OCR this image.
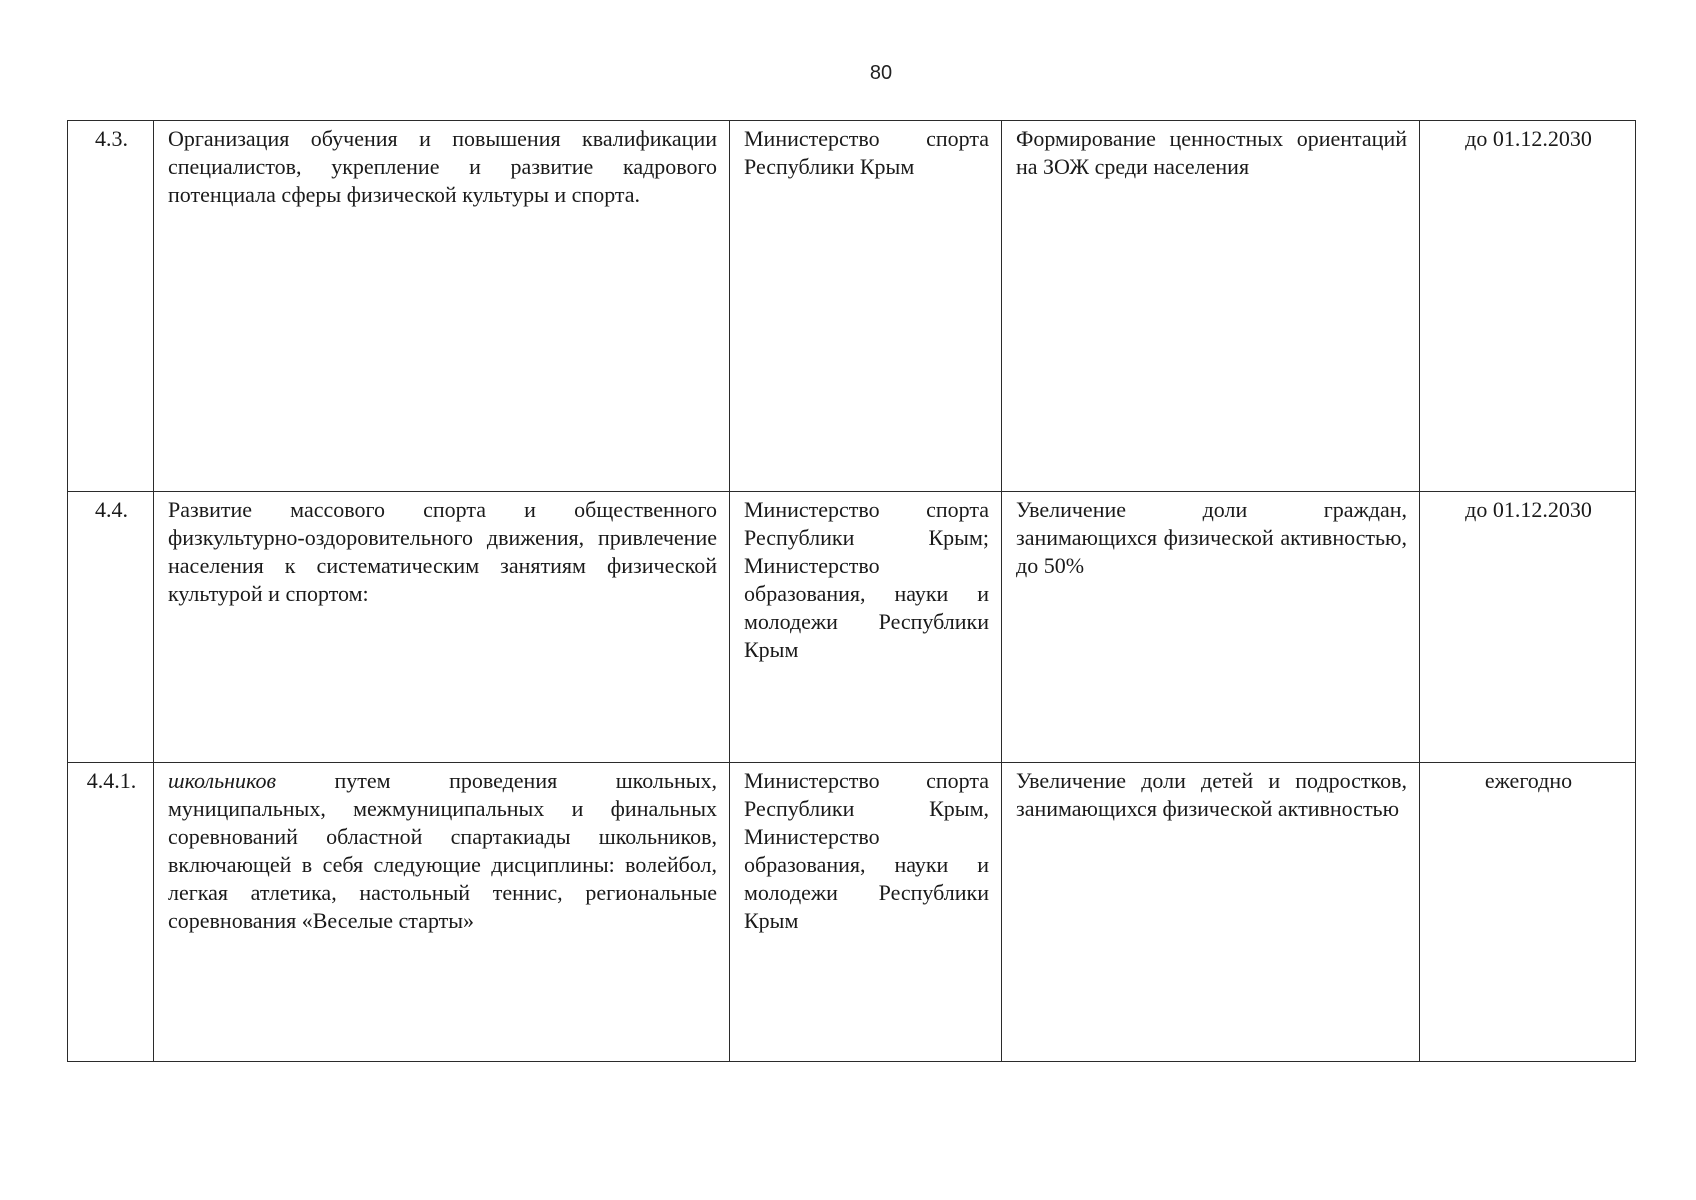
80
4.3.	Организация обучения и повышения квалификации специалистов, укрепление и развитие кадрового потенциала сферы физической культуры и спорта.	Министерство спорта Республики Крым	Формирование ценностных ориентаций на ЗОЖ среди населения	до 01.12.2030
4.4.	Развитие массового спорта и общественного физкультурно-оздоровительного движения, привлечение населения к систематическим занятиям физической культурой и спортом:	Министерство спорта Республики Крым; Министерство образования, науки и молодежи Республики Крым	Увеличение доли граждан, занимающихся физической активностью, до 50%	до 01.12.2030
4.4.1.	школьников путем проведения школьных, муниципальных, межмуниципальных и финальных соревнований областной спартакиады школьников, включающей в себя следующие дисциплины: волейбол, легкая атлетика, настольный теннис, региональные соревнования «Веселые старты»	Министерство спорта Республики Крым, Министерство образования, науки и молодежи Республики Крым	Увеличение доли детей и подростков, занимающихся физической активностью	ежегодно
